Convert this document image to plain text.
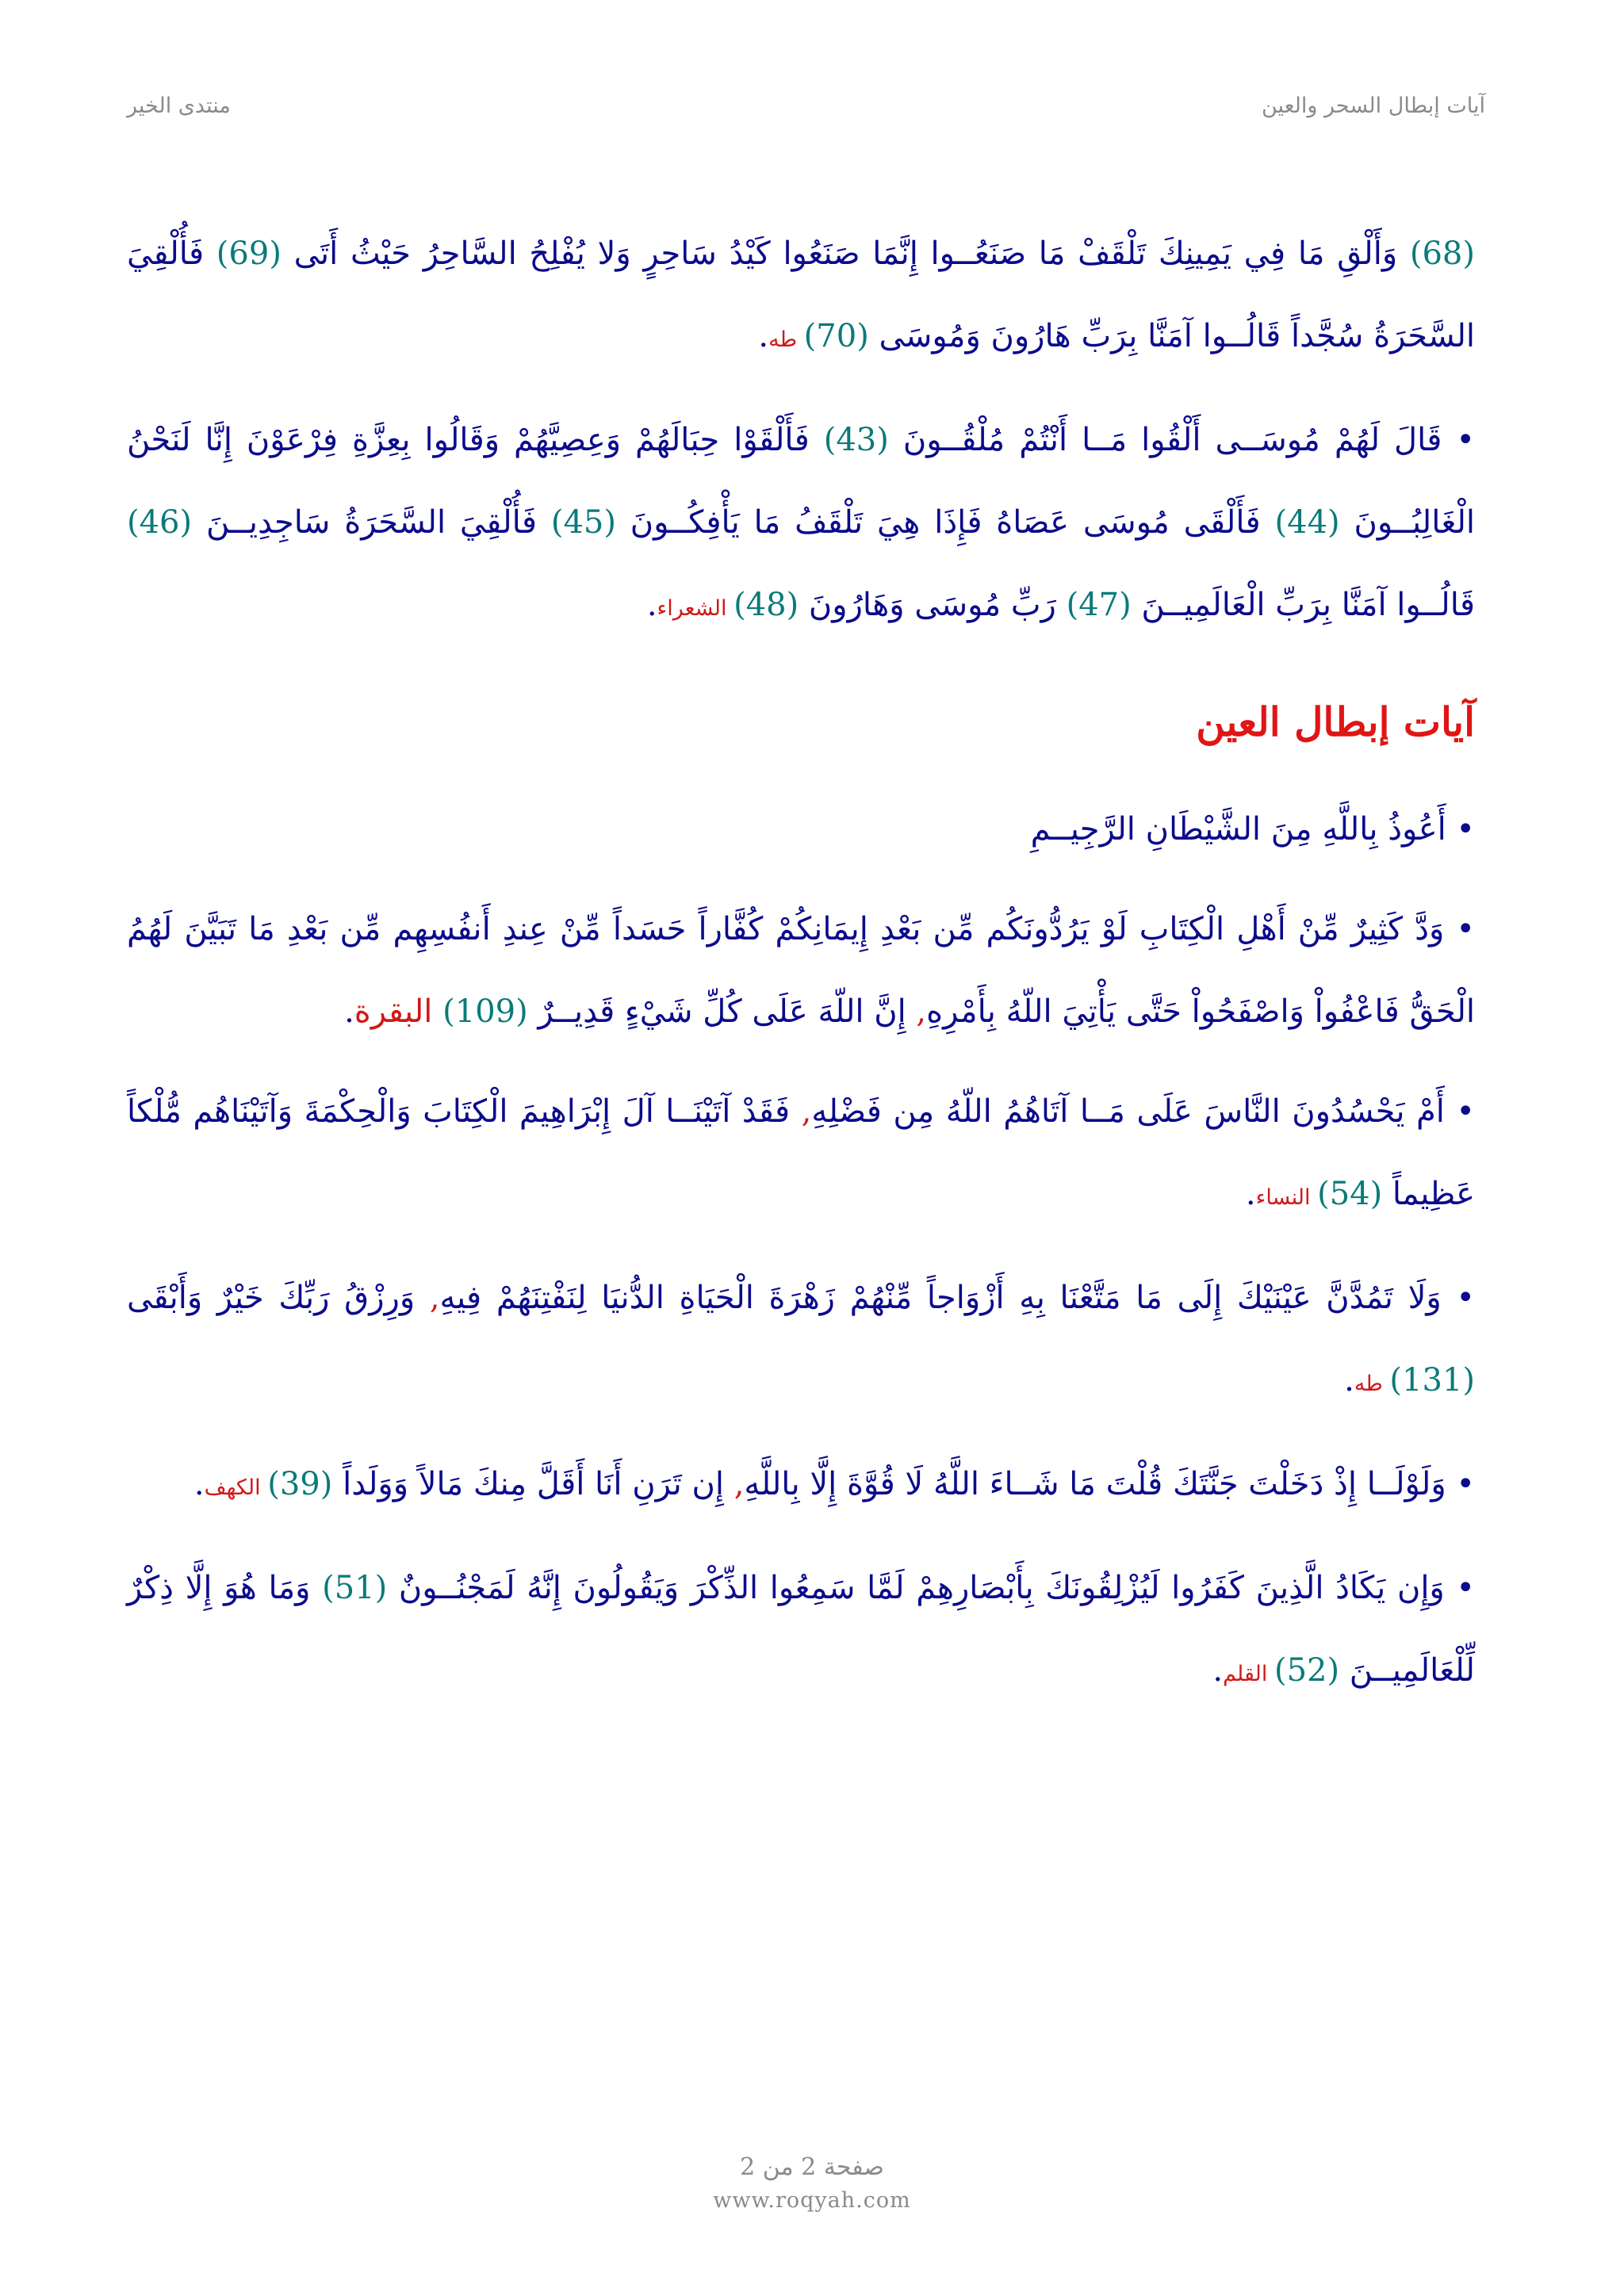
آيات إبطال السحر والعين
منتدى الخير

(68) وَأَلْقِ مَا فِي يَمِينِكَ تَلْقَفْ مَا صَنَعُــوا إِنَّمَا صَنَعُوا كَيْدُ سَاحِرٍ وَلا يُفْلِحُ السَّاحِرُ حَيْثُ أَتَى (69) فَأُلْقِيَ السَّحَرَةُ سُجَّداً قَالُــوا آمَنَّا بِرَبِّ هَارُونَ وَمُوسَى (70) طه.

• قَالَ لَهُمْ مُوسَــى أَلْقُوا مَــا أَنْتُمْ مُلْقُــونَ (43) فَأَلْقَوْا حِبَالَهُمْ وَعِصِيَّهُمْ وَقَالُوا بِعِزَّةِ فِرْعَوْنَ إِنَّا لَنَحْنُ الْغَالِبُــونَ (44) فَأَلْقَى مُوسَى عَصَاهُ فَإِذَا هِيَ تَلْقَفُ مَا يَأْفِكُــونَ (45) فَأُلْقِيَ السَّحَرَةُ سَاجِدِيــنَ (46) قَالُــوا آمَنَّا بِرَبِّ الْعَالَمِيــنَ (47) رَبِّ مُوسَى وَهَارُونَ (48) الشعراء.

آيات إبطال العين

• أَعُوذُ بِاللَّهِ مِنَ الشَّيْطَانِ الرَّجِيــمِ

• وَدَّ كَثِيرٌ مِّنْ أَهْلِ الْكِتَابِ لَوْ يَرُدُّونَكُم مِّن بَعْدِ إِيمَانِكُمْ كُفَّاراً حَسَداً مِّنْ عِندِ أَنفُسِهِم مِّن بَعْدِ مَا تَبَيَّنَ لَهُمُ الْحَقُّ فَاعْفُواْ وَاصْفَحُواْ حَتَّى يَأْتِيَ اللّهُ بِأَمْرِهِ, إِنَّ اللّهَ عَلَى كُلِّ شَيْءٍ قَدِيــرٌ (109) البقرة.

• أَمْ يَحْسُدُونَ النَّاسَ عَلَى مَــا آتَاهُمُ اللّهُ مِن فَضْلِهِ, فَقَدْ آتَيْنَــا آلَ إِبْرَاهِيمَ الْكِتَابَ وَالْحِكْمَةَ وَآتَيْنَاهُم مُّلْكاً عَظِيماً (54) النساء.

• وَلَا تَمُدَّنَّ عَيْنَيْكَ إِلَى مَا مَتَّعْنَا بِهِ أَزْوَاجاً مِّنْهُمْ زَهْرَةَ الْحَيَاةِ الدُّنيَا لِنَفْتِنَهُمْ فِيهِ, وَرِزْقُ رَبِّكَ خَيْرٌ وَأَبْقَى (131) طه.

• وَلَوْلَــا إِذْ دَخَلْتَ جَنَّتَكَ قُلْتَ مَا شَــاءَ اللَّهُ لَا قُوَّةَ إِلَّا بِاللَّهِ, إِن تَرَنِ أَنَا أَقَلَّ مِنكَ مَالاً وَوَلَداً (39) الكهف.

• وَإِن يَكَادُ الَّذِينَ كَفَرُوا لَيُزْلِقُونَكَ بِأَبْصَارِهِمْ لَمَّا سَمِعُوا الذِّكْرَ وَيَقُولُونَ إِنَّهُ لَمَجْنُــونٌ (51) وَمَا هُوَ إِلَّا ذِكْرٌ لِّلْعَالَمِيــنَ (52) القلم.

صفحة 2 من 2
www.roqyah.com
